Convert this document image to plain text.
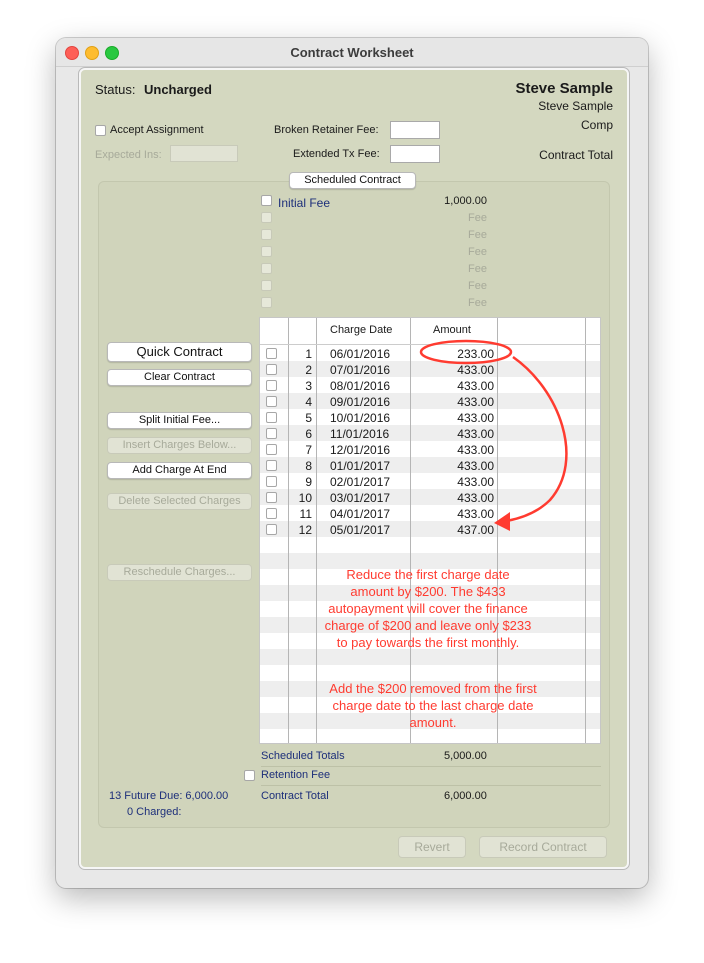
Contract Worksheet
Status: Uncharged	Steve Sample
Steve Sample
Comp
Contract Total
Accept Assignment
Expected Ins:
Broken Retainer Fee:
Extended Tx Fee:
Scheduled Contract
Initial Fee	1,000.00
Fee
Fee
Fee
Fee
Fee
Fee
Quick Contract
Clear Contract
Split Initial Fee...
Insert Charges Below...
Add Charge At End
Delete Selected Charges
Reschedule Charges...
Charge Date	Amount
1 06/01/2016	233.00
2 07/01/2016	433.00
3 08/01/2016	433.00
4 09/01/2016	433.00
5 10/01/2016	433.00
6 11/01/2016	433.00
7 12/01/2016	433.00
8 01/01/2017	433.00
9 02/01/2017	433.00
10 03/01/2017	433.00
11 04/01/2017	433.00
12 05/01/2017	437.00
Scheduled Totals	5,000.00
Retention Fee
Contract Total	6,000.00
13 Future Due: 6,000.00
0 Charged:
Revert	Record Contract
Reduce the first charge date
amount by $200. The $433
autopayment will cover the finance
charge of $200 and leave only $233
to pay towards the first monthly.
Add the $200 removed from the first
charge date to the last charge date
amount.
